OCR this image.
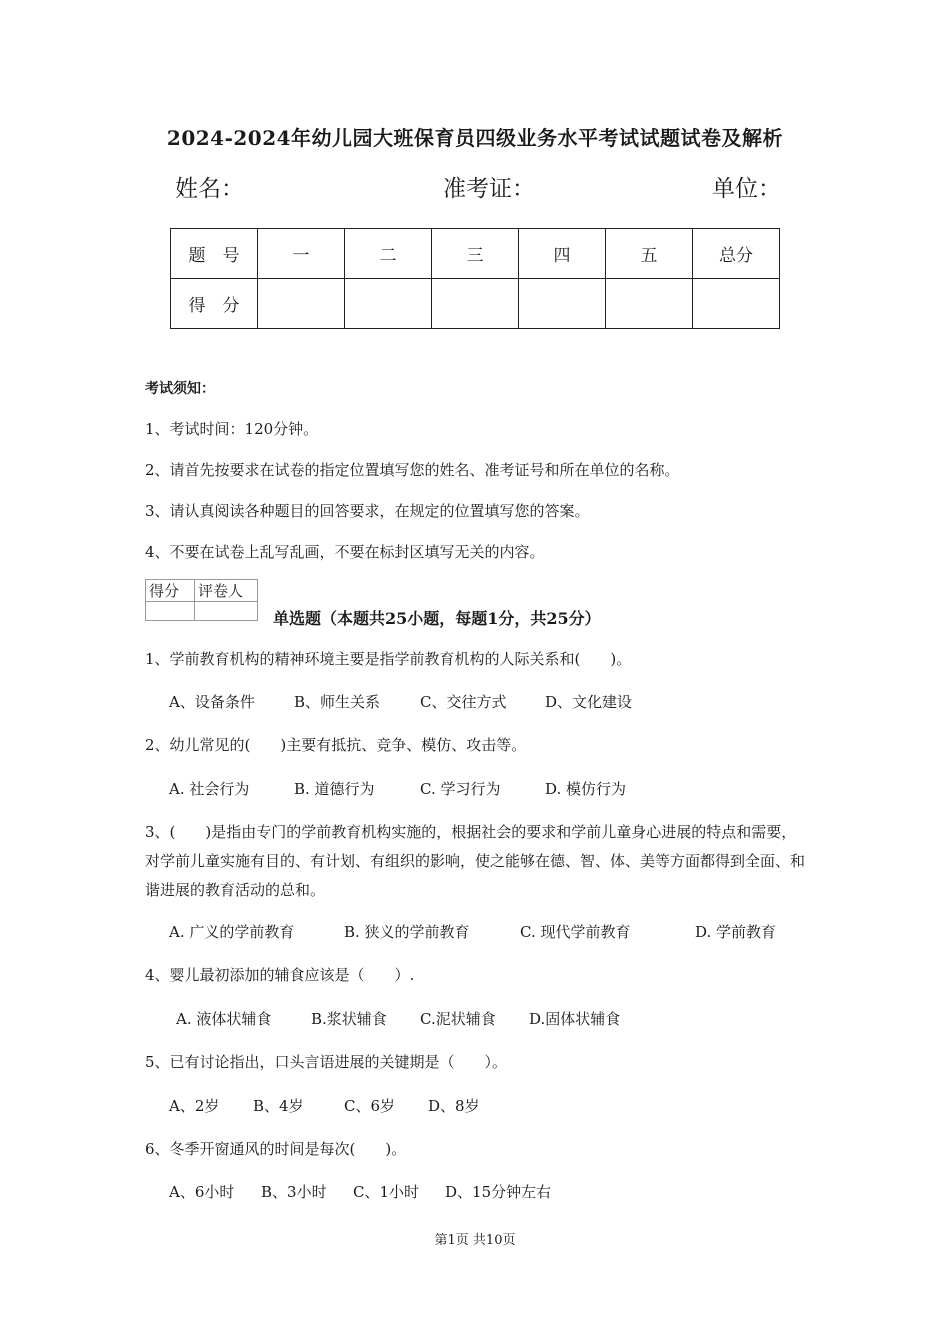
2024-2024年幼儿园大班保育员四级业务水平考试试题试卷及解析
姓名：	准考证：	单位：
题　号	一	二	三	四	五	总分
得　分						
考试须知：
1、考试时间：120分钟。
2、请首先按要求在试卷的指定位置填写您的姓名、准考证号和所在单位的名称。
3、请认真阅读各种题目的回答要求，在规定的位置填写您的答案。
4、不要在试卷上乱写乱画，不要在标封区填写无关的内容。
得分	评卷人

单选题（本题共25小题，每题1分，共25分）
1、学前教育机构的精神环境主要是指学前教育机构的人际关系和(　　)。
A、设备条件	B、师生关系	C、交往方式	D、文化建设
2、幼儿常见的(　　)主要有抵抗、竞争、模仿、攻击等。
A. 社会行为	B. 道德行为	C. 学习行为	D. 模仿行为
3、(　　)是指由专门的学前教育机构实施的，根据社会的要求和学前儿童身心进展的特点和需要，对学前儿童实施有目的、有计划、有组织的影响，使之能够在德、智、体、美等方面都得到全面、和谐进展的教育活动的总和。
A. 广义的学前教育	B. 狭义的学前教育	C. 现代学前教育	D. 学前教育
4、婴儿最初添加的辅食应该是（　　）.
A. 液体状辅食	B.浆状辅食 C.泥状辅食 D.固体状辅食
5、已有讨论指出，口头言语进展的关键期是（　　）。
A、2岁 B、4岁	C、6岁 D、8岁
6、冬季开窗通风的时间是每次(　　)。
A、6小时 B、3小时 C、1小时 D、15分钟左右
第1页 共10页
